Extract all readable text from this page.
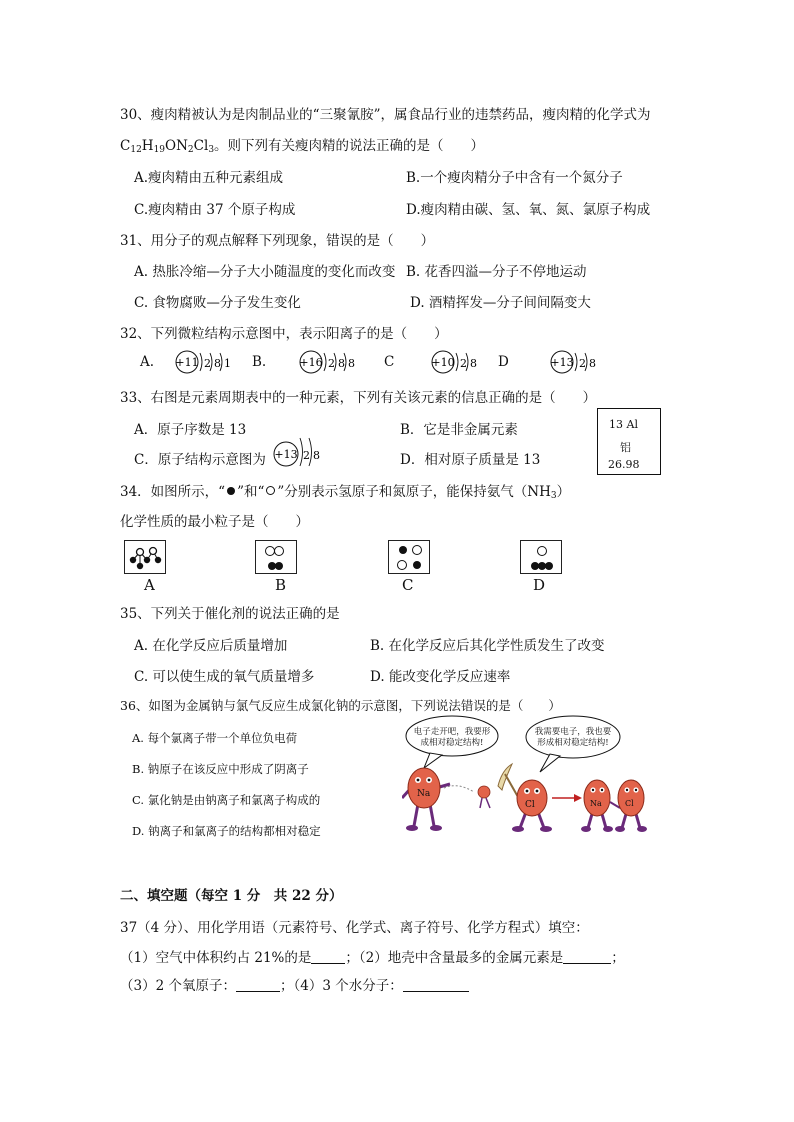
30、瘦肉精被认为是肉制品业的“三聚氰胺”，属食品行业的违禁药品，瘦肉精的化学式为
$C_{12}H_{19}ON_2Cl_3$。则下列有关瘦肉精的说法正确的是（　　）
A.瘦肉精由五种元素组成	B.一个瘦肉精分子中含有一个氮分子
C.瘦肉精由 37 个原子构成	D.瘦肉精由碳、氢、氧、氮、氯原子构成
31、用分子的观点解释下列现象，错误的是（　　）
A. 热胀冷缩—分子大小随温度的变化而改变 B. 花香四溢—分子不停地运动
C. 食物腐败—分子发生变化	D. 酒精挥发—分子间间隔变大
32、下列微粒结构示意图中，表示阳离子的是（　　）
A.	B.	C	D
+11 2 8 1	+16 2 8 8	+10 2 8	+13 2 8
33、右图是元素周期表中的一种元素，下列有关该元素的信息正确的是（　　）
A．原子序数是 13	B．它是非金属元素
C．原子结构示意图为 +13 2 8	D．相对原子质量是 13
13 Al
铝
26.98
34．如图所示，“ ”和“ ”分别表示氢原子和氮原子，能保持氨气$(NH_3)$
化学性质的最小粒子是（　　）
A	B	C	D
35、下列关于催化剂的说法正确的是
A. 在化学反应后质量增加	B. 在化学反应后其化学性质发生了改变
C. 可以使生成的氧气质量增多	D. 能改变化学反应速率
36、如图为金属钠与氯气反应生成氯化钠的示意图，下列说法错误的是（　　）
A. 每个氯离子带一个单位负电荷
B. 钠原子在该反应中形成了阴离子
C. 氯化钠是由钠离子和氯离子构成的
D. 钠离子和氯离子的结构都相对稳定
电子走开吧，我要形
成相对稳定结构!
我需要电子，我也要
形成相对稳定结构!
Na
Cl	Na	Cl
二、填空题（每空 1 分　共 22 分）
37（4 分）、用化学用语（元素符号、化学式、离子符号、化学方程式）填空：
（1）空气中体积约占 21%的是	；（2）地壳中含量最多的金属元素是	；
（3）2 个氧原子：	；（4）3 个水分子：
